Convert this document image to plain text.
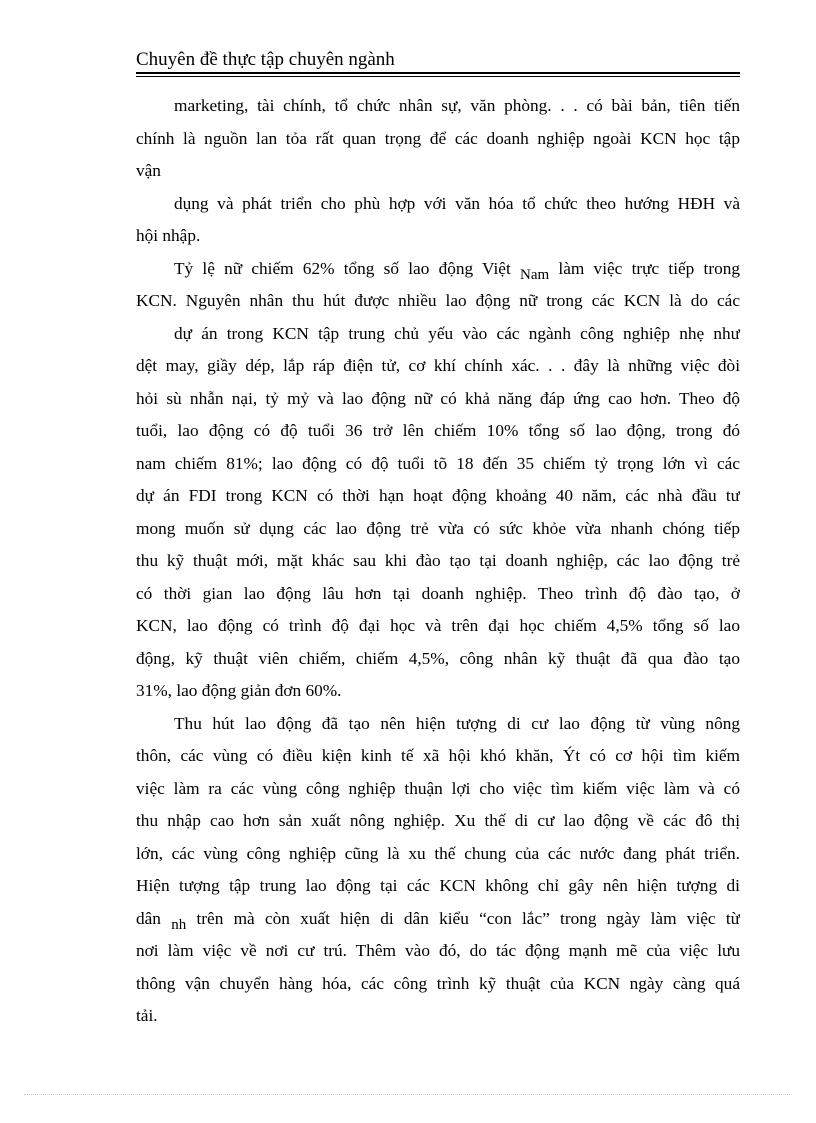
Chuyên đề thực tập chuyên ngành
marketing, tài chính, tổ chức nhân sự, văn phòng. . . có bài bản, tiên tiến
chính là nguồn lan tỏa rất quan trọng để các doanh nghiệp ngoài KCN học tập
vận
dụng và phát triển cho phù hợp với văn hóa tổ chức theo hướng HĐH và
hội nhập.
Tỷ lệ nữ chiếm 62% tổng số lao động Việt Nam làm việc trực tiếp trong
KCN. Nguyên nhân thu hút được nhiều lao động nữ trong các KCN là do các
dự án trong KCN tập trung chủ yếu vào các ngành công nghiệp nhẹ như
dệt may, giầy dép, lắp ráp điện tử, cơ khí chính xác. . . đây là những việc đòi
hỏi sù nhẫn nại, tỷ mỷ và lao động nữ có khả năng đáp ứng cao hơn. Theo độ
tuổi, lao động có độ tuổi 36 trở lên chiếm 10% tổng số lao động, trong đó
nam chiếm 81%; lao động có độ tuổi tõ 18 đến 35 chiếm tỷ trọng lớn vì các
dự án FDI trong KCN có thời hạn hoạt động khoảng 40 năm, các nhà đầu tư
mong muốn sử dụng các lao động trẻ vừa có sức khỏe vừa nhanh chóng tiếp
thu kỹ thuật mới, mặt khác sau khi đào tạo tại doanh nghiệp, các lao động trẻ
có thời gian lao động lâu hơn tại doanh nghiệp. Theo trình độ đào tạo, ở
KCN, lao động có trình độ đại học và trên đại học chiếm 4,5% tổng số lao
động, kỹ thuật viên chiếm, chiếm 4,5%, công nhân kỹ thuật đã qua đào tạo
31%, lao động giản đơn 60%.
Thu hút lao động đã tạo nên hiện tượng di cư lao động từ vùng nông
thôn, các vùng có điều kiện kinh tế xã hội khó khăn, Ýt có cơ hội tìm kiếm
việc làm ra các vùng công nghiệp thuận lợi cho việc tìm kiếm việc làm và có
thu nhập cao hơn sản xuất nông nghiệp. Xu thế di cư lao động về các đô thị
lớn, các vùng công nghiệp cũng là xu thế chung của các nước đang phát triển.
Hiện tượng tập trung lao động tại các KCN không chỉ gây nên hiện tượng di
dân nh trên mà còn xuất hiện di dân kiểu “con lắc” trong ngày làm việc từ
nơi làm việc về nơi cư trú. Thêm vào đó, do tác động mạnh mẽ của việc lưu
thông vận chuyển hàng hóa, các công trình kỹ thuật của KCN ngày càng quá
tải.
